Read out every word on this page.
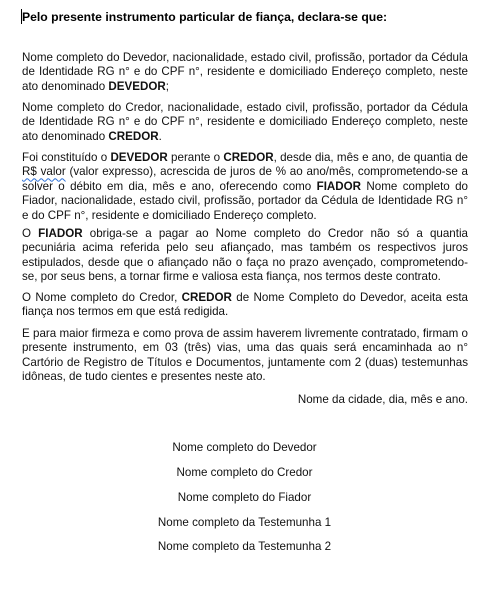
Pelo presente instrumento particular de fiança, declara-se que:
Nome completo do Devedor, nacionalidade, estado civil, profissão, portador da Cédula de Identidade RG n° e do CPF n°, residente e domiciliado Endereço completo, neste ato denominado DEVEDOR;
Nome completo do Credor, nacionalidade, estado civil, profissão, portador da Cédula de Identidade RG n° e do CPF n°, residente e domiciliado Endereço completo, neste ato denominado CREDOR.
Foi constituído o DEVEDOR perante o CREDOR, desde dia, mês e ano, de quantia de R$ valor (valor expresso), acrescida de juros de % ao ano/mês, comprometendo-se a solver o débito em dia, mês e ano, oferecendo como FIADOR Nome completo do Fiador, nacionalidade, estado civil, profissão, portador da Cédula de Identidade RG n° e do CPF n°, residente e domiciliado Endereço completo.
O FIADOR obriga-se a pagar ao Nome completo do Credor não só a quantia pecuniária acima referida pelo seu afiançado, mas também os respectivos juros estipulados, desde que o afiançado não o faça no prazo avençado, comprometendo-se, por seus bens, a tornar firme e valiosa esta fiança, nos termos deste contrato.
O Nome completo do Credor, CREDOR de Nome Completo do Devedor, aceita esta fiança nos termos em que está redigida.
E para maior firmeza e como prova de assim haverem livremente contratado, firmam o presente instrumento, em 03 (três) vias, uma das quais será encaminhada ao n° Cartório de Registro de Títulos e Documentos, juntamente com 2 (duas) testemunhas idôneas, de tudo cientes e presentes neste ato.
Nome da cidade, dia, mês e ano.
Nome completo do Devedor
Nome completo do Credor
Nome completo do Fiador
Nome completo da Testemunha 1
Nome completo da Testemunha 2
